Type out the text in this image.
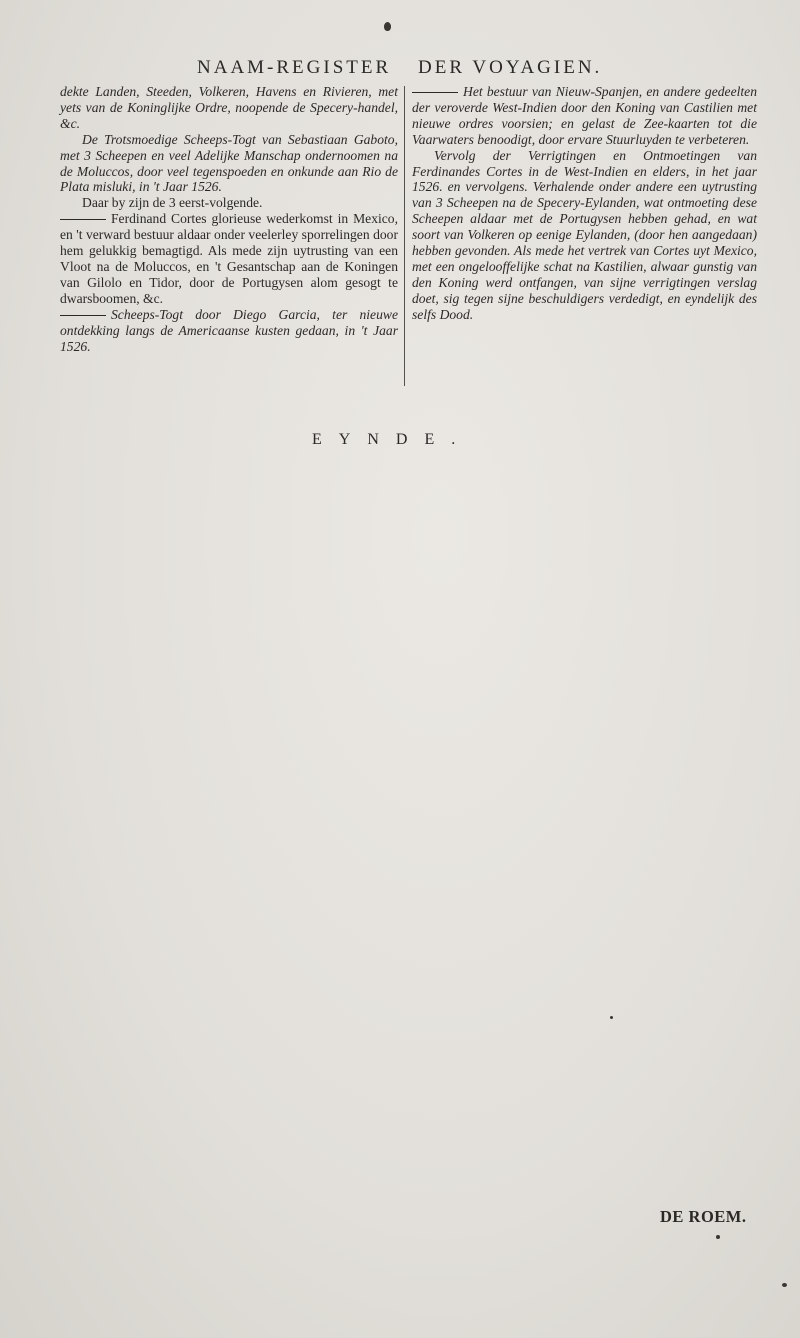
NAAM-REGISTER DER VOYAGIEN.

dekte Landen, Steeden, Volkeren, Havens en Rivieren, met yets van de Koninglijke Ordre, noopende de Specery-handel, &c.

De Trotsmoedige Scheeps-Togt van Sebastiaan Gaboto, met 3 Scheepen en veel Adelijke Manschap ondernoomen na de Moluccos, door veel tegenspoeden en onkunde aan Rio de Plata misluki, in 't Jaar 1526.

Daar by zijn de 3 eerst-volgende.

Ferdinand Cortes glorieuse wederkomst in Mexico, en 't verward bestuur aldaar onder veelerley sporrelingen door hem gelukkig bemagtigd. Als mede zijn uytrusting van een Vloot na de Moluccos, en 't Gesantschap aan de Koningen van Gilolo en Tidor, door de Portugysen alom gesogt te dwarsboomen, &c.

Scheeps-Togt door Diego Garcia, ter nieuwe ontdekking langs de Americaanse kusten gedaan, in 't Jaar 1526.

Het bestuur van Nieuw-Spanjen, en andere gedeelten der veroverde West-Indien door den Koning van Castilien met nieuwe ordres voorsien; en gelast de Zee-kaarten tot die Vaarwaters benoodigt, door ervare Stuurluyden te verbeteren.

Vervolg der Verrigtingen en Ontmoetingen van Ferdinandes Cortes in de West-Indien en elders, in het jaar 1526. en vervolgens. Verhalende onder andere een uytrusting van 3 Scheepen na de Specery-Eylanden, wat ontmoeting dese Scheepen aldaar met de Portugysen hebben gehad, en wat soort van Volkeren op eenige Eylanden, (door hen aangedaan) hebben gevonden. Als mede het vertrek van Cortes uyt Mexico, met een ongelooffelijke schat na Kastilien, alwaar gunstig van den Koning werd ontfangen, van sijne verrigtingen verslag doet, sig tegen sijne beschuldigers verdedigt, en eyndelijk des selfs Dood.

EYNDE.
DE ROEM.
